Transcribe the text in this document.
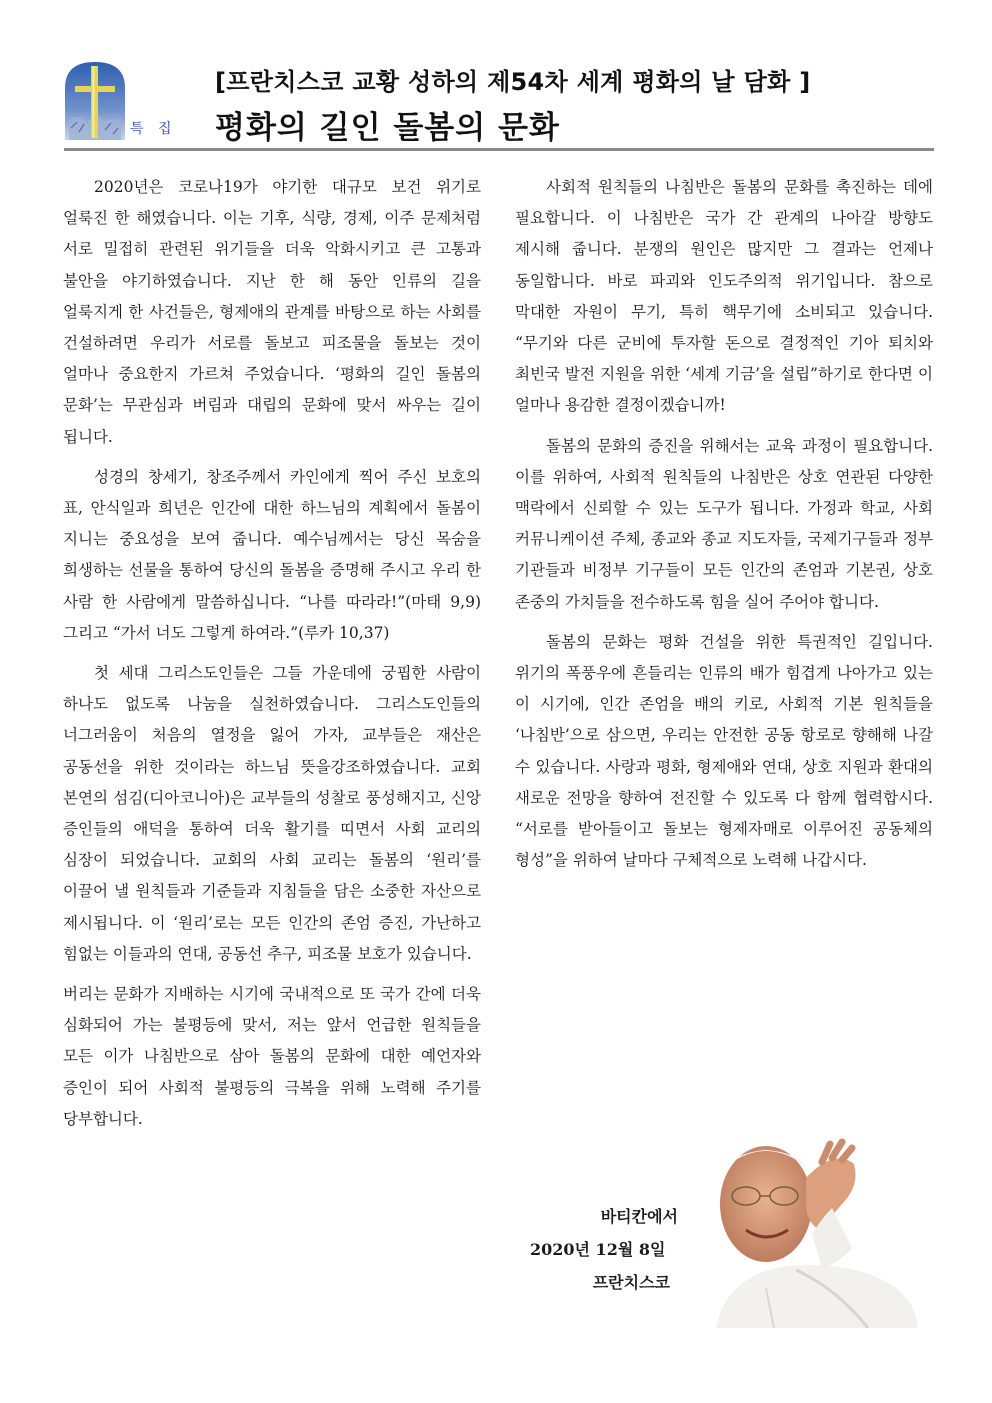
특 집
[프란치스코 교황 성하의 제54차 세계 평화의 날 담화 ]
평화의 길인 돌봄의 문화

2020년은 코로나19가 야기한 대규모 보건 위기로 얼룩진 한 해였습니다. 이는 기후, 식량, 경제, 이주 문제처럼 서로 밀접히 관련된 위기들을 더욱 악화시키고 큰 고통과 불안을 야기하였습니다. 지난 한 해 동안 인류의 길을 얼룩지게 한 사건들은, 형제애의 관계를 바탕으로 하는 사회를 건설하려면 우리가 서로를 돌보고 피조물을 돌보는 것이 얼마나 중요한지 가르쳐 주었습니다. ‘평화의 길인 돌봄의 문화’는 무관심과 버림과 대립의 문화에 맞서 싸우는 길이 됩니다.

성경의 창세기, 창조주께서 카인에게 찍어 주신 보호의 표, 안식일과 희년은 인간에 대한 하느님의 계획에서 돌봄이 지니는 중요성을 보여 줍니다. 예수님께서는 당신 목숨을 희생하는 선물을 통하여 당신의 돌봄을 증명해 주시고 우리 한 사람 한 사람에게 말씀하십니다. “나를 따라라!”(마태 9,9) 그리고 “가서 너도 그렇게 하여라.”(루카 10,37)

첫 세대 그리스도인들은 그들 가운데에 궁핍한 사람이 하나도 없도록 나눔을 실천하였습니다. 그리스도인들의 너그러움이 처음의 열정을 잃어 가자, 교부들은 재산은 공동선을 위한 것이라는 하느님 뜻을강조하였습니다. 교회 본연의 섬김(디아코니아)은 교부들의 성찰로 풍성해지고, 신앙 증인들의 애덕을 통하여 더욱 활기를 띠면서 사회 교리의 심장이 되었습니다. 교회의 사회 교리는 돌봄의 ‘원리’를 이끌어 낼 원칙들과 기준들과 지침들을 담은 소중한 자산으로 제시됩니다. 이 ‘원리’로는 모든 인간의 존엄 증진, 가난하고 힘없는 이들과의 연대, 공동선 추구, 피조물 보호가 있습니다.

버리는 문화가 지배하는 시기에 국내적으로 또 국가 간에 더욱 심화되어 가는 불평등에 맞서, 저는 앞서 언급한 원칙들을 모든 이가 나침반으로 삼아 돌봄의 문화에 대한 예언자와 증인이 되어 사회적 불평등의 극복을 위해 노력해 주기를 당부합니다.

사회적 원칙들의 나침반은 돌봄의 문화를 촉진하는 데에 필요합니다. 이 나침반은 국가 간 관계의 나아갈 방향도 제시해 줍니다. 분쟁의 원인은 많지만 그 결과는 언제나 동일합니다. 바로 파괴와 인도주의적 위기입니다. 참으로 막대한 자원이 무기, 특히 핵무기에 소비되고 있습니다. “무기와 다른 군비에 투자할 돈으로 결정적인 기아 퇴치와 최빈국 발전 지원을 위한 ‘세계 기금’을 설립”하기로 한다면 이 얼마나 용감한 결정이겠습니까!

돌봄의 문화의 증진을 위해서는 교육 과정이 필요합니다. 이를 위하여, 사회적 원칙들의 나침반은 상호 연관된 다양한 맥락에서 신뢰할 수 있는 도구가 됩니다. 가정과 학교, 사회 커뮤니케이션 주체, 종교와 종교 지도자들, 국제기구들과 정부 기관들과 비정부 기구들이 모든 인간의 존엄과 기본권, 상호 존중의 가치들을 전수하도록 힘을 실어 주어야 합니다.

돌봄의 문화는 평화 건설을 위한 특권적인 길입니다. 위기의 폭풍우에 흔들리는 인류의 배가 힘겹게 나아가고 있는 이 시기에, 인간 존엄을 배의 키로, 사회적 기본 원칙들을 ‘나침반’으로 삼으면, 우리는 안전한 공동 항로로 향해해 나갈 수 있습니다. 사랑과 평화, 형제애와 연대, 상호 지원과 환대의 새로운 전망을 향하여 전진할 수 있도록 다 함께 협력합시다. “서로를 받아들이고 돌보는 형제자매로 이루어진 공동체의 형성”을 위하여 날마다 구체적으로 노력해 나갑시다.

바티칸에서
2020년 12월 8일
프란치스코
